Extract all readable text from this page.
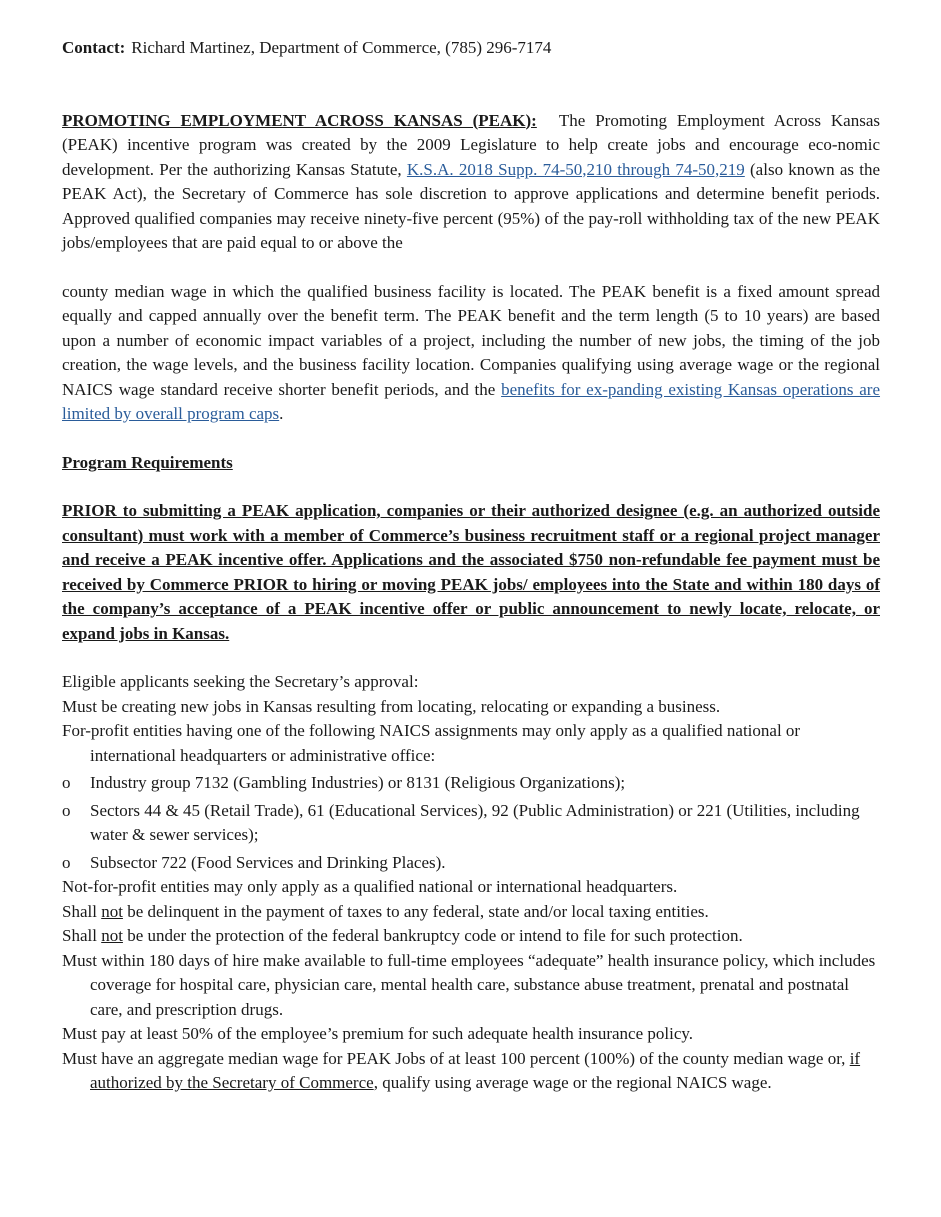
Contact: Richard Martinez, Department of Commerce, (785) 296-7174

PROMOTING EMPLOYMENT ACROSS KANSAS (PEAK): The Promoting Employment Across Kansas (PEAK) incentive program was created by the 2009 Legislature to help create jobs and encourage eco-nomic development. Per the authorizing Kansas Statute, K.S.A. 2018 Supp. 74-50,210 through 74-50,219 (also known as the PEAK Act), the Secretary of Commerce has sole discretion to approve applications and determine benefit periods. Approved qualified companies may receive ninety-five percent (95%) of the pay-roll withholding tax of the new PEAK jobs/employees that are paid equal to or above the

county median wage in which the qualified business facility is located. The PEAK benefit is a fixed amount spread equally and capped annually over the benefit term. The PEAK benefit and the term length (5 to 10 years) are based upon a number of economic impact variables of a project, including the number of new jobs, the timing of the job creation, the wage levels, and the business facility location. Companies qualifying using average wage or the regional NAICS wage standard receive shorter benefit periods, and the benefits for ex-panding existing Kansas operations are limited by overall program caps.

Program Requirements

PRIOR to submitting a PEAK application, companies or their authorized designee (e.g. an authorized outside consultant) must work with a member of Commerce’s business recruitment staff or a regional project manager and receive a PEAK incentive offer. Applications and the associated $750 non-refundable fee payment must be received by Commerce PRIOR to hiring or moving PEAK jobs/ employees into the State and within 180 days of the company’s acceptance of a PEAK incentive offer or public announcement to newly locate, relocate, or expand jobs in Kansas.

Eligible applicants seeking the Secretary’s approval:

Must be creating new jobs in Kansas resulting from locating, relocating or expanding a business.

For-profit entities having one of the following NAICS assignments may only apply as a qualified national or international headquarters or administrative office:

o Industry group 7132 (Gambling Industries) or 8131 (Religious Organizations);
o Sectors 44 & 45 (Retail Trade), 61 (Educational Services), 92 (Public Administration) or 221 (Utilities, including water & sewer services);
o Subsector 722 (Food Services and Drinking Places).

Not-for-profit entities may only apply as a qualified national or international headquarters.

Shall not be delinquent in the payment of taxes to any federal, state and/or local taxing entities.

Shall not be under the protection of the federal bankruptcy code or intend to file for such protection.

Must within 180 days of hire make available to full-time employees “adequate” health insurance policy, which includes coverage for hospital care, physician care, mental health care, substance abuse treatment, prenatal and postnatal care, and prescription drugs.

Must pay at least 50% of the employee’s premium for such adequate health insurance policy.

Must have an aggregate median wage for PEAK Jobs of at least 100 percent (100%) of the county median wage or, if authorized by the Secretary of Commerce, qualify using average wage or the regional NAICS wage.
